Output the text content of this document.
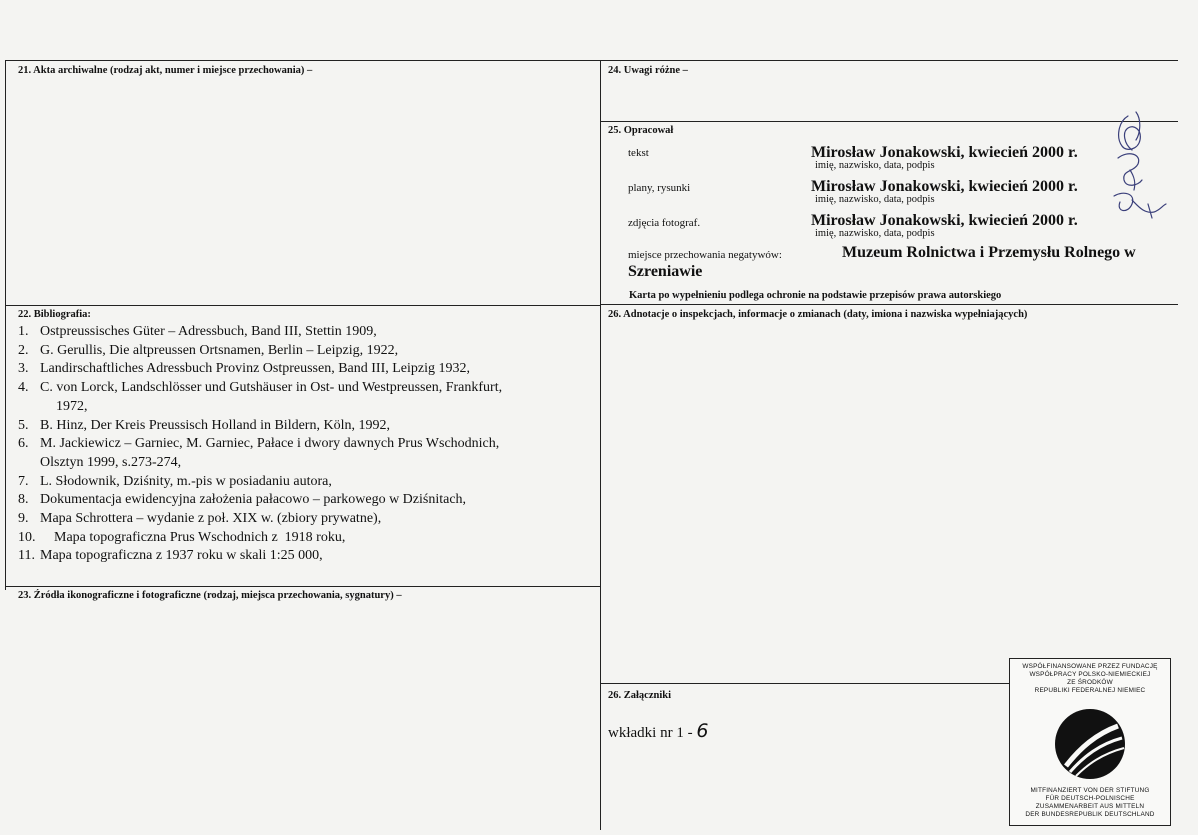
21. Akta archiwalne (rodzaj akt, numer i miejsce przechowania) –	24. Uwagi różne –
25. Opracował
tekst	Mirosław Jonakowski, kwiecień 2000 r.
imię, nazwisko, data, podpis
plany, rysunki	Mirosław Jonakowski, kwiecień 2000 r.
imię, nazwisko, data, podpis
zdjęcia fotograf.	Mirosław Jonakowski, kwiecień 2000 r.
imię, nazwisko, data, podpis
miejsce przechowania negatywów:	Muzeum Rolnictwa i Przemysłu Rolnego w
Szreniawie
Karta po wypełnieniu podlega ochronie na podstawie przepisów prawa autorskiego
22. Bibliografia:
1. Ostpreussisches Güter – Adressbuch, Band III, Stettin 1909,
2. G. Gerullis, Die altpreussen Ortsnamen, Berlin – Leipzig, 1922,
3. Landirschaftliches Adressbuch Provinz Ostpreussen, Band III, Leipzig 1932,
4. C. von Lorck, Landschlösser und Gutshäuser in Ost- und Westpreussen, Frankfurt,
1972,
5. B. Hinz, Der Kreis Preussisch Holland in Bildern, Köln, 1992,
6. M. Jackiewicz – Garniec, M. Garniec, Pałace i dwory dawnych Prus Wschodnich,
Olsztyn 1999, s.273-274,
7. L. Słodownik, Dziśnity, m.-pis w posiadaniu autora,
8. Dokumentacja ewidencyjna założenia pałacowo – parkowego w Dziśnitach,
9. Mapa Schrottera – wydanie z poł. XIX w. (zbiory prywatne),
10.    Mapa topograficzna Prus Wschodnich z  1918 roku,
11. Mapa topograficzna z 1937 roku w skali 1:25 000,
23. Źródła ikonograficzne i fotograficzne (rodzaj, miejsca przechowania, sygnatury) –
26. Adnotacje o inspekcjach, informacje o zmianach (daty, imiona i nazwiska wypełniających)
26. Załączniki
wkładki nr 1 - 6
WSPÓŁFINANSOWANE PRZEZ FUNDACJĘ
WSPÓŁPRACY POLSKO-NIEMIECKIEJ
ZE ŚRODKÓW
REPUBLIKI FEDERALNEJ NIEMIEC
MITFINANZIERT VON DER STIFTUNG
FÜR DEUTSCH-POLNISCHE
ZUSAMMENARBEIT AUS MITTELN
DER BUNDESREPUBLIK DEUTSCHLAND
